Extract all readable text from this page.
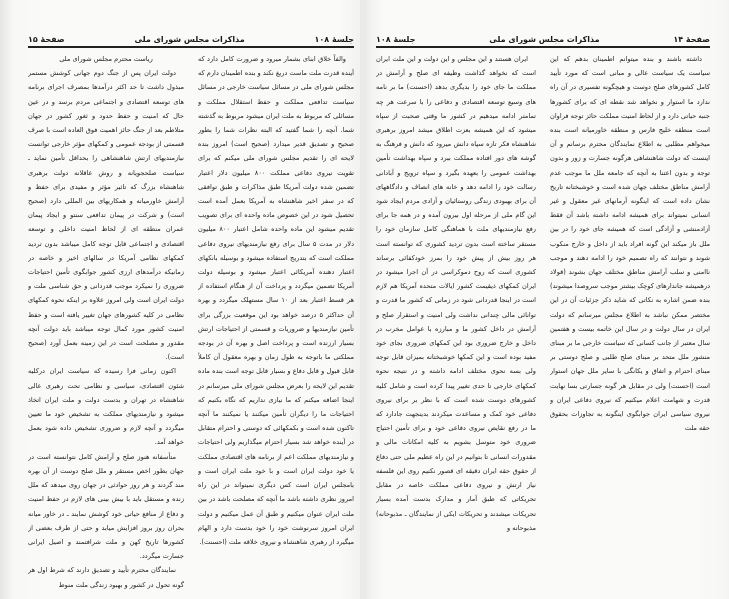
جلسهٔ ۱۰۸
مذاکرات مجلس شورای ملی
صفحهٔ ۱۵

والفاً خلاق ابنای بشمار میرود و ضرورت کامل دارد که آینده قدرت ملت ماست دریغ نکند و بنده اطمینان دارم که مجلس شورای ملی در مسائل سیاست خارجی در مسائل سیاست تدافعی مملکت و حفظ استقلال مملکت و مسائلی که مربوط به ملت ایران میشود مربوط به گذشته شما. آنچه را شما گفتید که البته نظرات شما را بطور صحیح و تصدیق قدیر میدارد (صحیح است) امروز بنده لایحه ای را تقدیم مجلس شورای ملی میکنم که برای تقویت نیروی دفاعی مملکت ۸۰۰ میلیون دلار اعتبار تضمین شده دولت آمریکا طبق مذاکرات و طبق توافقی که در سفر اخیر شاهنشاه به آمریکا بعمل آمده است تحصیل شود در این خصوص ماده واحده ای برای تصویب تقدیم میشود این ماده واحده شامل اعتبار ۸۰۰ میلیون دلار در مدت ۵ سال برای رفع نیازمندیهای نیروی دفاعی مملکت است که بتدریج استفاده میشود و بوسیله بانکهای اعتبار دهنده آمریکائی اعتبار میشود و بوسیله دولت آمریکا تضمین میگردد و پرداخت آن از هنگام استفاده از هر قسط اعتبار بعد از ۱۰ سال مستهلک میگردد و بهره آن حداکثر ۵ درصد خواهد بود این موقعیت بزرگی برای تأمین نیازمندیها و ضروریات و قسمتی از احتیاجات ارتش بسیار ارزنده است و پرداخت اصل و بهره آن در بودجه مملکتی ما باتوجه به طول زمان و بهره معقول آن کاملاً قابل قبول و قابل دفاع و بسیار قابل توجه است بنده ماده تقدیم این لایحه را بعرض مجلس شورای ملی میرسانم در اینجا اضافه میکنم که ما نیازی نداریم که نگاه بکنیم که احتیاجات ما را دیگران تأمین میکنند یا نمیکنند ما آنچه تاکنون شده است و بکمکهائی که دوستی و احترام متقابل در آینده خواهد شد بسیار احترام میگذاریم ولی احتیاجات و نیازمندیهای مملکت اعم از برنامه های اقتصادی مملکت یا خود دولت ایران است و با خود ملت ایران است و بامجلس ایران است کس دیگری نمیتواند در این راه امروز نظری داشته باشد ما آنچه که مصلحت باشد در بین ملت ایران عنوان میکنیم و طبق آن عمل میکنیم و دولت ایران امروز سرنوشت خود را خود بدست دارد و الهام میگیرد از رهبری شاهنشاه و نیروی خلاقه ملت (احسنت).

ریاست محترم مجلس شورای ملی

دولت ایران پس از جنگ دوم جهانی کوشش مستمر مبذول داشت تا حد اکثر درآمدها بمصرف اجرای برنامه های توسعه اقتصادی و اجتماعی مردم برسد و در عین حال که امنیت و حفظ حدود و ثغور کشور در جهان متلاطم بعد از جنگ حائز اهمیت فوق العاده است با صرف قسمتی از بودجه عمومی و کمکهای مؤثر خارجی توانست نیازمندیهای ارتش شاهنشاهی را بحداقل تأمین نماید ـ سیاست صلحجویانه و روش عاقلانه دولت برهبری شاهنشاه بزرگ که تاثیر مؤثر و مفیدی برای حفظ و آرامش خاورمیانه و همکاریهای بین المللی دارد (صحیح است) و شرکت در پیمان تدافعی سنتو و ایجاد پیمان عمران منطقه ای از لحاظ امنیت داخلی و توسعه اقتصادی و اجتماعی قابل توجه کامل میباشد بدون تردید کمکهای نظامی آمریکا در سالهای اخیر و خاصه در زمانیکه درآمدهای ارزی کشور جوابگوی تأمین احتیاجات ضروری را نمیکرد موجب قدردانی و حق شناسی ملت و دولت ایران است ولی امروز علاوه بر اینکه نحوه کمکهای نظامی در کلیه کشورهای جهان تغییر یافته است و حفظ امنیت کشور مورد کمال توجه میباشد باید دولت آنچه مقدور و مصلحت است در این زمینه بعمل آورد (صحیح است).

اکنون زمانی فرا رسیده که سیاست ایران درکلیه شئون اقتصادی، سیاسی و نظامی تحت رهبری عالی شاهنشاه در تهران و بدست دولت و ملت ایران اتخاذ میشود و نیازمندیهای مملکت به تشخیص خود ما تعیین میگردد و آنچه لازم و ضروری تشخیص داده شود بعمل خواهد آمد.

متأسفانه هنوز صلح و آرامش کامل نتوانسته است در جهان بطور اخص مستقر و ملل صلح دوست از آن بهره مند گردند و هر روز حوادثی در جهان روی میدهد که ملل زنده و مستقل باید با بیش بینی های لازم در حفظ امنیت و دفاع از منافع حیاتی خود کوشش نمایند ـ در خاور میانه بحران روز بروز افزایش میابد و حتی از طرف بعضی از کشورها تاریخ کهن و ملت شرافتمند و اصیل ایرانی جسارت میگردد.

نمایندگان محترم تأیید و تصدیق دارند که شرط اول هر گونه تحول در کشور و بهبود زندگی ملت منوط

صفحهٔ ۱۴
مذاکرات مجلس شورای ملی
جلسهٔ ۱۰۸

داشته باشند و بنده میتوانم اطمینان بدهم که این سیاست یک سیاست عالی و مبانی است که مورد تأیید کامل کشورهای صلح دوست و هیچگونه تفسیری در آن راه ندارد ما استوار و نخواهد شد نقطه ای که برای کشورها جنبه حیاتی دارد و از لحاظ امنیت مملکت حائز توجه فراوان است منطقه خلیج فارس و منطقه خاورمیانه است بنده میخواهم مطلبی به اطلاع نمایندگان محترم برسانم و آن اینست که دولت شاهنشاهی هرگونه جسارت و زور و بدون توجه و بدون اعتنا به آنچه که جامعه ملل ما موجب عدم آرامش مناطق مختلف جهان شده است و خوشبختانه تاریخ نشان داده است که اینگونه آرمانهای غیر معقول و غیر انسانی نمیتواند برای همیشه ادامه داشته باشد آن فقط آزادمنشی و آزادگی است که همیشه جای خود را در بین ملل باز میکند این گونه افراد باید از داخل و خارج منکوب شوند و نتوانند که راه تصمیم خود را ادامه دهند و موجب ناامنی و سلب آرامش مناطق مختلف جهان بشوند (قولاد درهمیشه جاندارهای کوچک بیشتر موجب سروصدا میشوند) بنده ضمن اشاره به نکاتی که شاید ذکر جزئیات آن در این مختصر ممکن نباشد به اطلاع مجلس میرسانم که دولت ایران در سال دولت و در سال این خاتمه بیست و هفتمین سال معتبر از جانب کسانی که سیاست خارجی ما بر مبنای منشور ملل متحد بر مبنای صلح طلبی و صلح دوستی بر مبنای احترام و اتفاق و یکانگی با سایر ملل جهان استوار است (احسنت) ولی در مقابل هر گونه جسارتی بسا نهایت قدرت و شهامت اعلام میکنیم که نیروی دفاعی ایران و نیروی سیاسی ایران جوابگوی اینگونه به تجاوزات بحقوق حقه ملت

ایران هستند و این مجلس و این دولت و این ملت ایران است که نخواهد گذاشت وظیفه ای صلح و آرامش در مملکت ما جای خود را بدیگری بدهد (احسنت) ما بر نامه های وسیع توسعه اقتصادی و دفاعی را با سرعت هر چه تمامتر ادامه میدهیم در کشور ما وقتی صحبت از سپاه میشود که این همیشه بعزت اطلاق میشد امروز برهبری شاهنشاه فکر تازه سپاه دانش میرود که دانش و فرهنگ به گوشه های دور افتاده مملکت ببرد و سپاه بهداشت تأمین بهداشت عمومی را بعهده بگیرد و سپاه ترویج و آبادانی رسالت خود را ادامه دهد و خانه های انصاف و دادگاههای آن برای بهبودی زندگی روستائیان و آزادی مردم ایجاد شود این گام ملی از مرحله اول بیرون آمده و در همه جا برای رفع نیازمندیهای ملت با هماهنگی کامل سازمان خود را مستقر ساخته است بدون تردید کشوری که توانسته است هر روز بیش از پیش خود را بمرز خودکفائی برساند کشوری است که روح دموکراسی در آن اجرا میشود در ایران کمکهای ذیقیمت کشور ایالات متحده آمریکا هم لازم است در اینجا قدردانی شود در زمانی که کشور ما قدرت و توانائی مالی چندانی نداشت ولی امنیت و استقرار صلح و آرامش در داخل کشور ما و مبارزه با عوامل مخرب در داخل و خارج ضروری بود این کمکهای ضروری بجای خود مفید بوده است و این کمکها خوشبختانه بمیزان قابل توجه ولی بسه نحوی مختلف ادامه داشته و در نتیجه نحوه کمکهای خارجی تا حدی تغییر پیدا کرده است و شامل کلیه کشورهای دوست شده است که با نظر بر برای نیروی دفاعی خود کمک و مساعدت میکردند بدینجهت جادارد که ما در رفع نقایص نیروی دفاعی خود و برای تأمین احتیاج ضروری خود متوسل بشویم به کلیه امکانات مالی و مقدورات انسانی تا بتوانیم در این راه عظیم ملی حتی دفاع از حقوق حقه ایران دقیقه ای قصور نکنیم روی این فلسفه نیاز ارتش و نیروی دفاعی مملکت خاصه در مقابل تحریکاتی که طبق آمار و مدارک بدست آمده بسیار تحریکات میشدند و تحریکات ایکی از نمایندگان ـ مذبوحانه) مذبوحانه و
